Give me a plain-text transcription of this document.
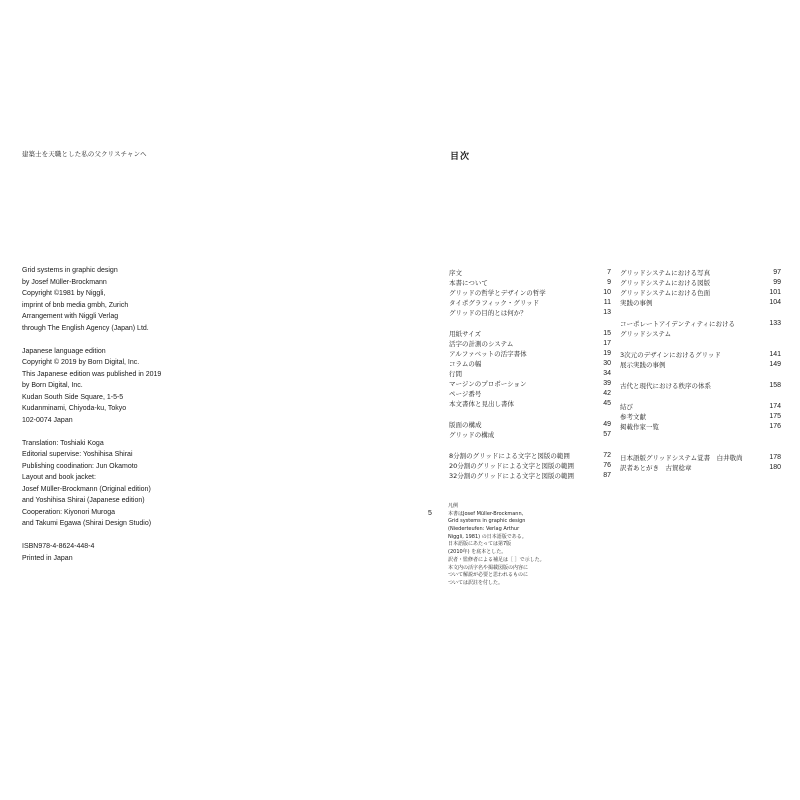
建築士を天職とした私の父クリスチャンへ
Grid systems in graphic design
by Josef Müller-Brockmann
Copyright ©1981 by Niggli,
imprint of bnb media gmbh, Zurich
Arrangement with Niggli Verlag
through The English Agency (Japan) Ltd.
Japanese language edition
Copyright © 2019 by Born Digital, Inc.
This Japanese edition was published in 2019
by Born Digital, Inc.
Kudan South Side Square, 1-5-5
Kudanminami, Chiyoda-ku, Tokyo
102-0074 Japan
Translation: Toshiaki Koga
Editorial supervise: Yoshihisa Shirai
Publishing coodination: Jun Okamoto
Layout and book jacket:
Josef Müller-Brockmann (Original edition)
and Yoshihisa Shirai (Japanese edition)
Cooperation: Kiyonori Muroga
and Takumi Egawa (Shirai Design Studio)
ISBN978-4-8624-448-4
Printed in Japan
目次
5
序文	7
本書について	9
グリッドの哲学とデザインの哲学	10
タイポグラフィック・グリッド	11
グリッドの目的とは何か？	13
用紙サイズ	15
活字の計測のシステム	17
アルファベットの活字書体	19
コラムの幅	30
行間	34
マージンのプロポーション	39
ページ番号	42
本文書体と見出し書体	45
版面の構成	49
グリッドの構成	57
8分割のグリッドによる文字と図版の範囲	72
20分割のグリッドによる文字と図版の範囲	76
32分割のグリッドによる文字と図版の範囲	87
グリッドシステムにおける写真	97
グリッドシステムにおける図版	99
グリッドシステムにおける色面	101
実践の事例	104
コーポレートアイデンティティにおける	133
グリッドシステム
3次元のデザインにおけるグリッド	141
展示実践の事例	149
古代と現代における秩序の体系	158
結び	174
参考文献	175
掲載作家一覧	176
日本語版グリッドシステム覚書　白井敬尚	178
訳者あとがき　古賀稔章	180
凡例
本書はJosef Müller-Brockmann,
Grid systems in graphic design
(Niederteufen: Verlag Arthur
Niggli, 1981) の日本語版である。
日本語版にあたっては第7版
(2010年) を底本とした。
訳者・監修者による補足は［ ］で示した。
本文内の活字名や掲載図版の内容に
ついて解説が必要と思われるものに
ついては訳註を付した。
